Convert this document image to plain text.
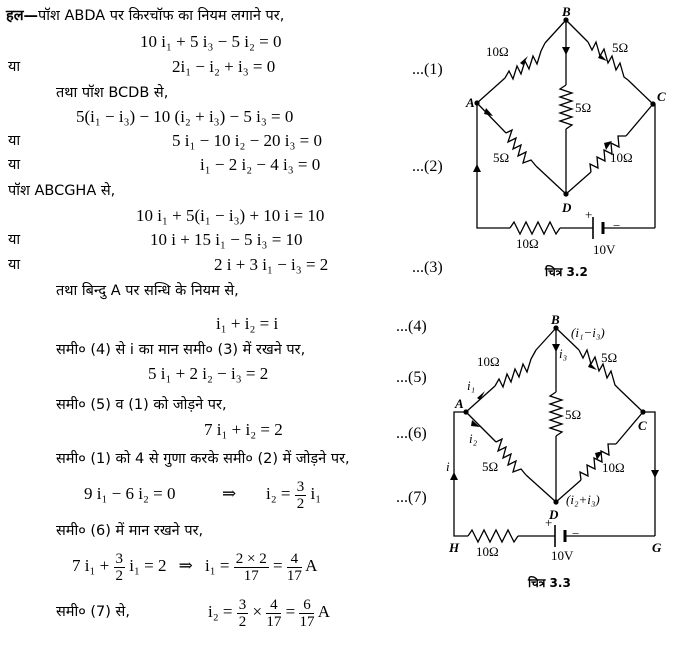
हल—पॉश ABDA पर किरचॉफ का नियम लगाने पर,
10 i₁ + 5 i₃ − 5 i₂ = 0
या	2i₁ − i₂ + i₃ = 0	...(1)
तथा पॉश BCDB से,
5(i₁ − i₃) − 10 (i₂ + i₃) − 5 i₃ = 0
या	5 i₁ − 10 i₂ − 20 i₃ = 0
या	i₁ − 2 i₂ − 4 i₃ = 0	...(2)
पॉश ABCGHA से,
10 i₁ + 5(i₁ − i₃) + 10 i = 10
या	10 i + 15 i₁ − 5 i₃ = 10
या	2 i + 3 i₁ − i₃ = 2	...(3)
तथा बिन्दु A पर सन्धि के नियम से,
i₁ + i₂ = i	...(4)
समी० (4) से i का मान समी० (3) में रखने पर,
5 i₁ + 2 i₂ − i₃ = 2	...(5)
समी० (5) व (1) को जोड़ने पर,
7 i₁ + i₂ = 2	...(6)
समी० (1) को 4 से गुणा करके समी० (2) में जोड़ने पर,
9 i₁ − 6 i₂ = 0	⇒ $i_2 = \frac{3}{2} i_1$	...(7)
समी० (6) में मान रखने पर,
7 $i_1 + \frac{3}{2} i_1 = 2$ ⇒ $i_1 = \frac{2 \times 2}{17} = \frac{4}{17}$ A
समी० (7) से,	$i_2 = \frac{3}{2} \times \frac{4}{17} = \frac{6}{17}$ A
B
A	C
D
10Ω	5Ω
5Ω
5Ω	10Ω
10Ω
+
−
10V
चित्र 3.2
B
A
C
D
H	G
10Ω	5Ω
5Ω
5Ω	10Ω
10Ω
+
−
10V
(i₁−i₃)
i₃
i₁
i₂
i
(i₂+i₃)
चित्र 3.3
